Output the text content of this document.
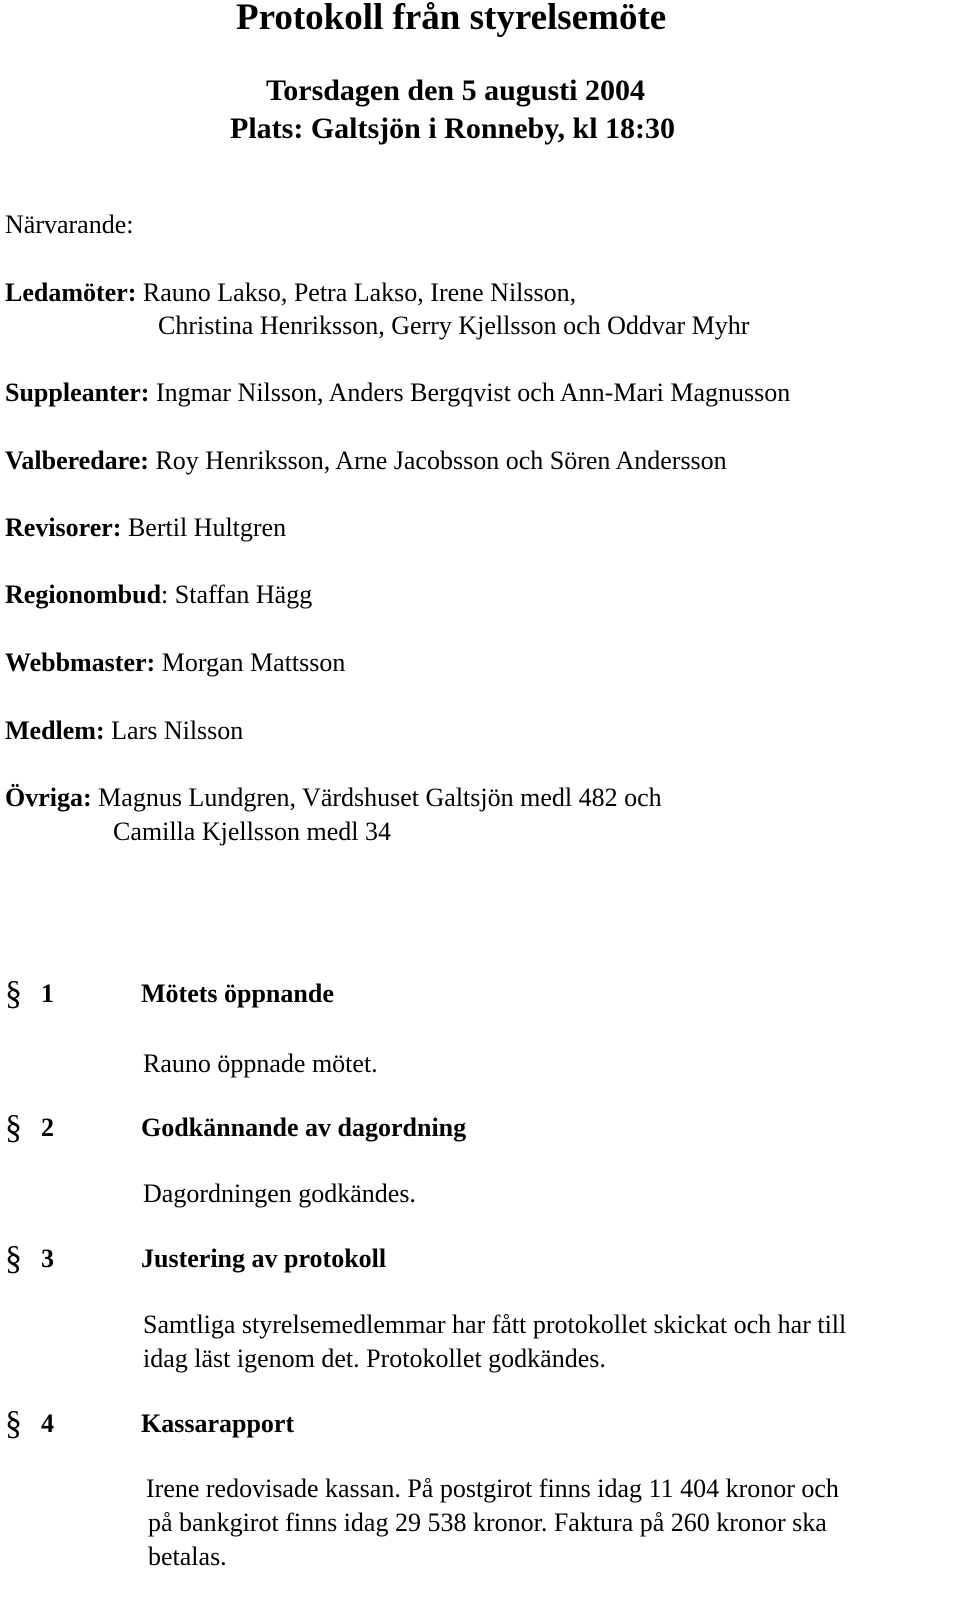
Protokoll från styrelsemöte
Torsdagen den 5 augusti 2004
Plats: Galtsjön i Ronneby, kl 18:30
Närvarande:
Ledamöter: Rauno Lakso, Petra Lakso, Irene Nilsson,
Christina Henriksson, Gerry Kjellsson och Oddvar Myhr
Suppleanter: Ingmar Nilsson, Anders Bergqvist och Ann-Mari Magnusson
Valberedare: Roy Henriksson, Arne Jacobsson och Sören Andersson
Revisorer: Bertil Hultgren
Regionombud: Staffan Hägg
Webbmaster: Morgan Mattsson
Medlem: Lars Nilsson
Övriga: Magnus Lundgren, Värdshuset Galtsjön medl 482 och
Camilla Kjellsson medl 34
§ 1	Mötets öppnande
Rauno öppnade mötet.
§ 2	Godkännande av dagordning
Dagordningen godkändes.
§ 3	Justering av protokoll
Samtliga styrelsemedlemmar har fått protokollet skickat och har till
idag läst igenom det. Protokollet godkändes.
§ 4	Kassarapport
Irene redovisade kassan. På postgirot finns idag 11 404 kronor och
på bankgirot finns idag 29 538 kronor. Faktura på 260 kronor ska
betalas.
